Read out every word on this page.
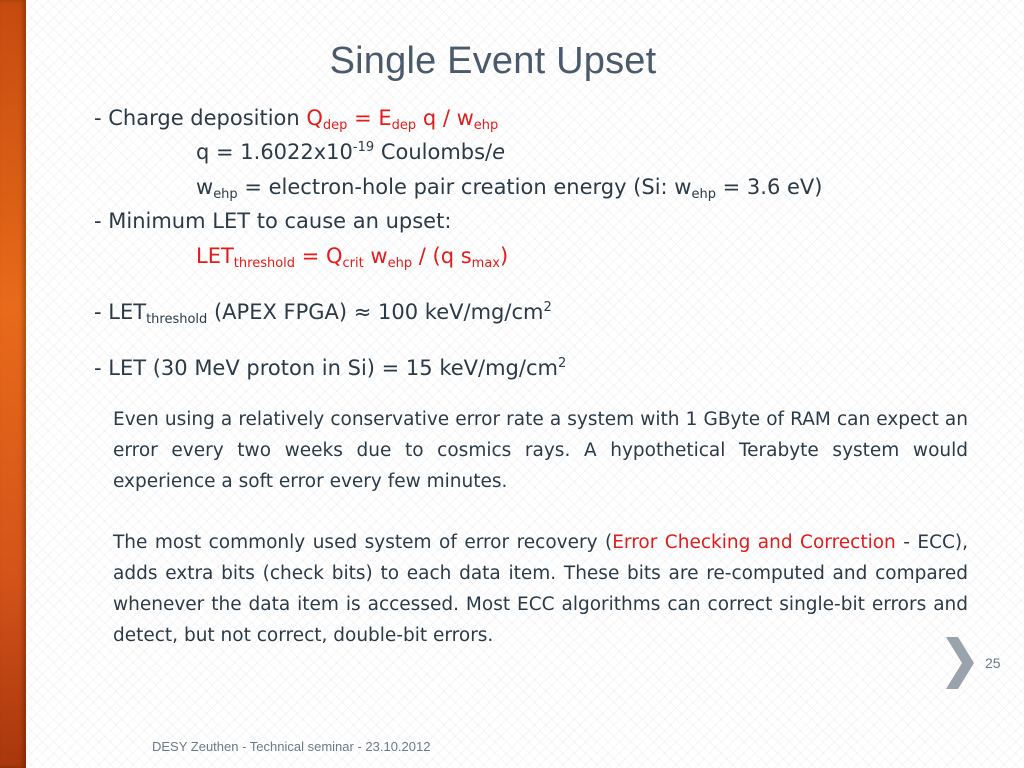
Single Event Upset
- Charge deposition $Q_{dep} = E_{dep}$ q / $w_{ehp}$
$q = 1.6022x10^{-19}$ Coulombs/e
$w_{ehp}$ = electron-hole pair creation energy (Si: $w_{ehp} = 3.6$ eV)
- Minimum LET to cause an upset:
$LET_{threshold} = Q_{crit}$ $w_{ehp} / (q$ $s_{max}$)
- $LET_{threshold}$ (APEX FPGA) ≈ 100 keV/$mg/cm^2$
- LET (30 MeV proton in Si) = 15 keV/$mg/cm^2$
Even using a relatively conservative error rate a system with 1 GByte of RAM can expect an error every two weeks due to cosmics rays. A hypothetical Terabyte system would experience a soft error every few minutes.
The most commonly used system of error recovery (Error Checking and Correction - ECC), adds extra bits (check bits) to each data item. These bits are re-computed and compared whenever the data item is accessed. Most ECC algorithms can correct single-bit errors and detect, but not correct, double-bit errors.
25
DESY Zeuthen - Technical seminar - 23.10.2012
